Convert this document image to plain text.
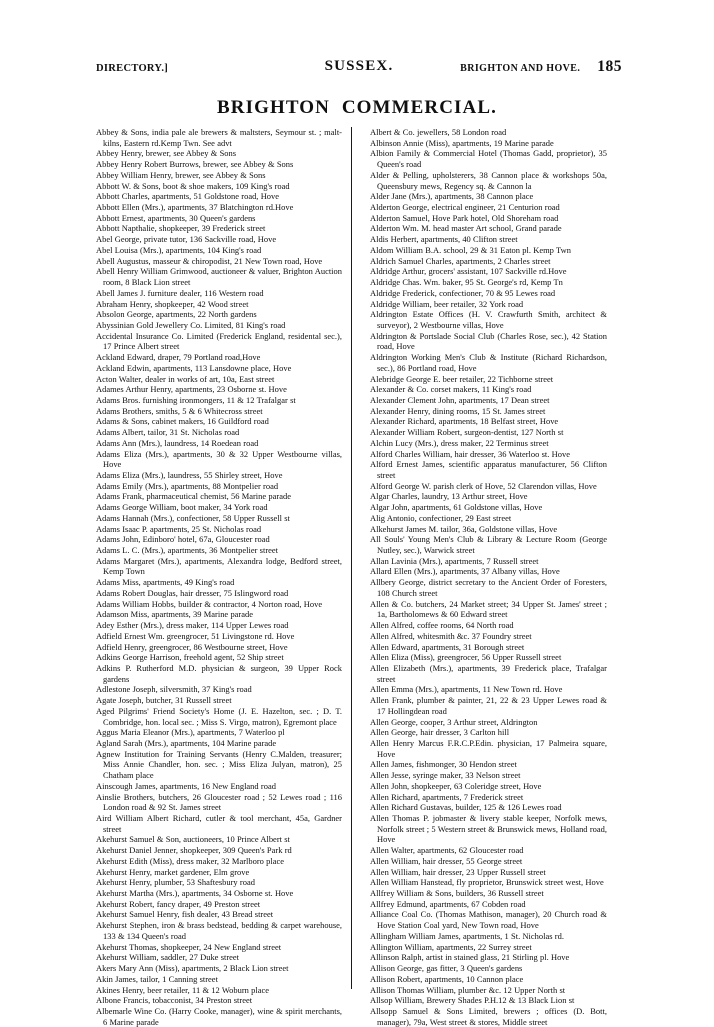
DIRECTORY.]	SUSSEX.	BRIGHTON AND HOVE. 185
BRIGHTON COMMERCIAL.

Abbey & Sons, india pale ale brewers & maltsters, Seymour st. ; malt-kilns, Eastern rd.Kemp Twn. See advt

Abbey Henry, brewer, see Abbey & Sons

Abbey Henry Robert Burrows, brewer, see Abbey & Sons

Abbey William Henry, brewer, see Abbey & Sons

Abbott W. & Sons, boot & shoe makers, 109 King's road

Abbott Charles, apartments, 51 Goldstone road, Hove

Abbott Ellen (Mrs.), apartments, 37 Blatchington rd.Hove

Abbott Ernest, apartments, 30 Queen's gardens

Abbott Napthalie, shopkeeper, 39 Frederick street

Abel George, private tutor, 136 Sackville road, Hove

Abel Louisa (Mrs.), apartments, 104 King's road

Abell Augustus, masseur & chiropodist, 21 New Town road, Hove

Abell Henry William Grimwood, auctioneer & valuer, Brighton Auction room, 8 Black Lion street

Abell James J. furniture dealer, 116 Western road

Abraham Henry, shopkeeper, 42 Wood street

Absolon George, apartments, 22 North gardens

Abyssinian Gold Jewellery Co. Limited, 81 King's road

Accidental Insurance Co. Limited (Frederick England, residental sec.), 17 Prince Albert street

Ackland Edward, draper, 79 Portland road,Hove

Ackland Edwin, apartments, 113 Lansdowne place, Hove

Acton Walter, dealer in works of art, 10a, East street

Adames Arthur Henry, apartments, 23 Osborne st. Hove

Adams Bros. furnishing ironmongers, 11 & 12 Trafalgar st

Adams Brothers, smiths, 5 & 6 Whitecross street

Adams & Sons, cabinet makers, 16 Guildford road

Adams Albert, tailor, 31 St. Nicholas road

Adams Ann (Mrs.), laundress, 14 Roedean road

Adams Eliza (Mrs.), apartments, 30 & 32 Upper Westbourne villas, Hove

Adams Eliza (Mrs.), laundress, 55 Shirley street, Hove

Adams Emily (Mrs.), apartments, 88 Montpelier road

Adams Frank, pharmaceutical chemist, 56 Marine parade

Adams George William, boot maker, 34 York road

Adams Hannah (Mrs.), confectioner, 58 Upper Russell st

Adams Isaac P. apartments, 25 St. Nicholas road

Adams John, Edinboro' hotel, 67a, Gloucester road

Adams L. C. (Mrs.), apartments, 36 Montpelier street

Adams Margaret (Mrs.), apartments, Alexandra lodge, Bedford street, Kemp Town

Adams Miss, apartments, 49 King's road

Adams Robert Douglas, hair dresser, 75 Islingword road

Adams William Hobbs, builder & contractor, 4 Norton road, Hove

Adamson Miss, apartments, 39 Marine parade

Adey Esther (Mrs.), dress maker, 114 Upper Lewes road

Adfield Ernest Wm. greengrocer, 51 Livingstone rd. Hove

Adfield Henry, greengrocer, 86 Westbourne street, Hove

Adkins George Harrison, freehold agent, 52 Ship street

Adkins P. Rutherford M.D. physician & surgeon, 39 Upper Rock gardens

Adlestone Joseph, silversmith, 37 King's road

Agate Joseph, butcher, 31 Russell street

Aged Pilgrims' Friend Society's Home (J. E. Hazelton, sec. ; D. T. Combridge, hon. local sec. ; Miss S. Virgo, matron), Egremont place

Aggus Maria Eleanor (Mrs.), apartments, 7 Waterloo pl

Agland Sarah (Mrs.), apartments, 104 Marine parade

Agnew Institution for Training Servants (Henry C.Malden, treasurer; Miss Annie Chandler, hon. sec. ; Miss Eliza Julyan, matron), 25 Chatham place

Ainscough James, apartments, 16 New England road

Ainslie Brothers, butchers, 26 Gloucester road ; 52 Lewes road ; 116 London road & 92 St. James street

Aird William Albert Richard, cutler & tool merchant, 45a, Gardner street

Akehurst Samuel & Son, auctioneers, 10 Prince Albert st

Akehurst Daniel Jenner, shopkeeper, 309 Queen's Park rd

Akehurst Edith (Miss), dress maker, 32 Marlboro place

Akehurst Henry, market gardener, Elm grove

Akehurst Henry, plumber, 53 Shaftesbury road

Akehurst Martha (Mrs.), apartments, 34 Osborne st. Hove

Akehurst Robert, fancy draper, 49 Preston street

Akehurst Samuel Henry, fish dealer, 43 Bread street

Akehurst Stephen, iron & brass bedstead, bedding & carpet warehouse, 133 & 134 Queen's road

Akehurst Thomas, shopkeeper, 24 New England street

Akehurst William, saddler, 27 Duke street

Akers Mary Ann (Miss), apartments, 2 Black Lion street

Akin James, tailor, 1 Canning street

Akines Henry, beer retailer, 11 & 12 Woburn place

Albone Francis, tobacconist, 34 Preston street

Albemarle Wine Co. (Harry Cooke, manager), wine & spirit merchants, 6 Marine parade

Albert & Co. jewellers, 58 London road

Albinson Annie (Miss), apartments, 19 Marine parade

Albion Family & Commercial Hotel (Thomas Gadd, proprietor), 35 Queen's road

Alder & Pelling, upholsterers, 38 Cannon place & workshops 50a, Queensbury mews, Regency sq. & Cannon la

Alder Jane (Mrs.), apartments, 38 Cannon place

Alderton George, electrical engineer, 21 Centurion road

Alderton Samuel, Hove Park hotel, Old Shoreham road

Alderton Wm. M. head master Art school, Grand parade

Aldis Herbert, apartments, 40 Clifton street

Aldom William B.A. school, 29 & 31 Eaton pl. Kemp Twn

Aldrich Samuel Charles, apartments, 2 Charles street

Aldridge Arthur, grocers' assistant, 107 Sackville rd.Hove

Aldridge Chas. Wm. baker, 95 St. George's rd, Kemp Tn

Aldridge Frederick, confectioner, 70 & 95 Lewes road

Aldridge William, beer retailer, 32 York road

Aldrington Estate Offices (H. V. Crawfurth Smith, architect & surveyor), 2 Westbourne villas, Hove

Aldrington & Portslade Social Club (Charles Rose, sec.), 42 Station road, Hove

Aldrington Working Men's Club & Institute (Richard Richardson, sec.), 86 Portland road, Hove

Alebridge George E. beer retailer, 22 Tichborne street

Alexander & Co. corset makers, 11 King's road

Alexander Clement John, apartments, 17 Dean street

Alexander Henry, dining rooms, 15 St. James street

Alexander Richard, apartments, 18 Belfast street, Hove

Alexander William Robert, surgeon-dentist, 127 North st

Alchin Lucy (Mrs.), dress maker, 22 Terminus street

Alford Charles William, hair dresser, 36 Waterloo st. Hove

Alford Ernest James, scientific apparatus manufacturer, 56 Clifton street

Alford George W. parish clerk of Hove, 52 Clarendon villas, Hove

Algar Charles, laundry, 13 Arthur street, Hove

Algar John, apartments, 61 Goldstone villas, Hove

Alig Antonio, confectioner, 29 East street

Alkehurst James M. tailor, 36a, Goldstone villas, Hove

All Souls' Young Men's Club & Library & Lecture Room (George Nutley, sec.), Warwick street

Allan Lavinia (Mrs.), apartments, 7 Russell street

Allard Ellen (Mrs.), apartments, 37 Albany villas, Hove

Allbery George, district secretary to the Ancient Order of Foresters, 108 Church street

Allen & Co. butchers, 24 Market street; 34 Upper St. James' street ; 1a, Bartholomews & 60 Edward street

Allen Alfred, coffee rooms, 64 North road

Allen Alfred, whitesmith &c. 37 Foundry street

Allen Edward, apartments, 31 Borough street

Allen Eliza (Miss), greengrocer, 56 Upper Russell street

Allen Elizabeth (Mrs.), apartments, 39 Frederick place, Trafalgar street

Allen Emma (Mrs.), apartments, 11 New Town rd. Hove

Allen Frank, plumber & painter, 21, 22 & 23 Upper Lewes road & 17 Hollingdean road

Allen George, cooper, 3 Arthur street, Aldrington

Allen George, hair dresser, 3 Carlton hill

Allen Henry Marcus F.R.C.P.Edin. physician, 17 Palmeira square, Hove

Allen James, fishmonger, 30 Hendon street

Allen Jesse, syringe maker, 33 Nelson street

Allen John, shopkeeper, 63 Coleridge street, Hove

Allen Richard, apartments, 7 Frederick street

Allen Richard Gustavas, builder, 125 & 126 Lewes road

Allen Thomas P. jobmaster & livery stable keeper, Norfolk mews, Norfolk street ; 5 Western street & Brunswick mews, Holland road, Hove

Allen Walter, apartments, 62 Gloucester road

Allen William, hair dresser, 55 George street

Allen William, hair dresser, 23 Upper Russell street

Allen William Hanstead, fly proprietor, Brunswick street west, Hove

Allfrey William & Sons, builders, 36 Russell street

Allfrey Edmund, apartments, 67 Cobden road

Alliance Coal Co. (Thomas Mathison, manager), 20 Church road & Hove Station Coal yard, New Town road, Hove

Allingham William James, apartments, 1 St. Nicholas rd.

Allington William, apartments, 22 Surrey street

Allinson Ralph, artist in stained glass, 21 Stirling pl. Hove

Allison George, gas fitter, 3 Queen's gardens

Allison Robert, apartments, 10 Cannon place

Allison Thomas William, plumber &c. 12 Upper North st

Allsop William, Brewery Shades P.H.12 & 13 Black Lion st

Allsopp Samuel & Sons Limited, brewers ; offices (D. Bott, manager), 79a, West street & stores, Middle street
